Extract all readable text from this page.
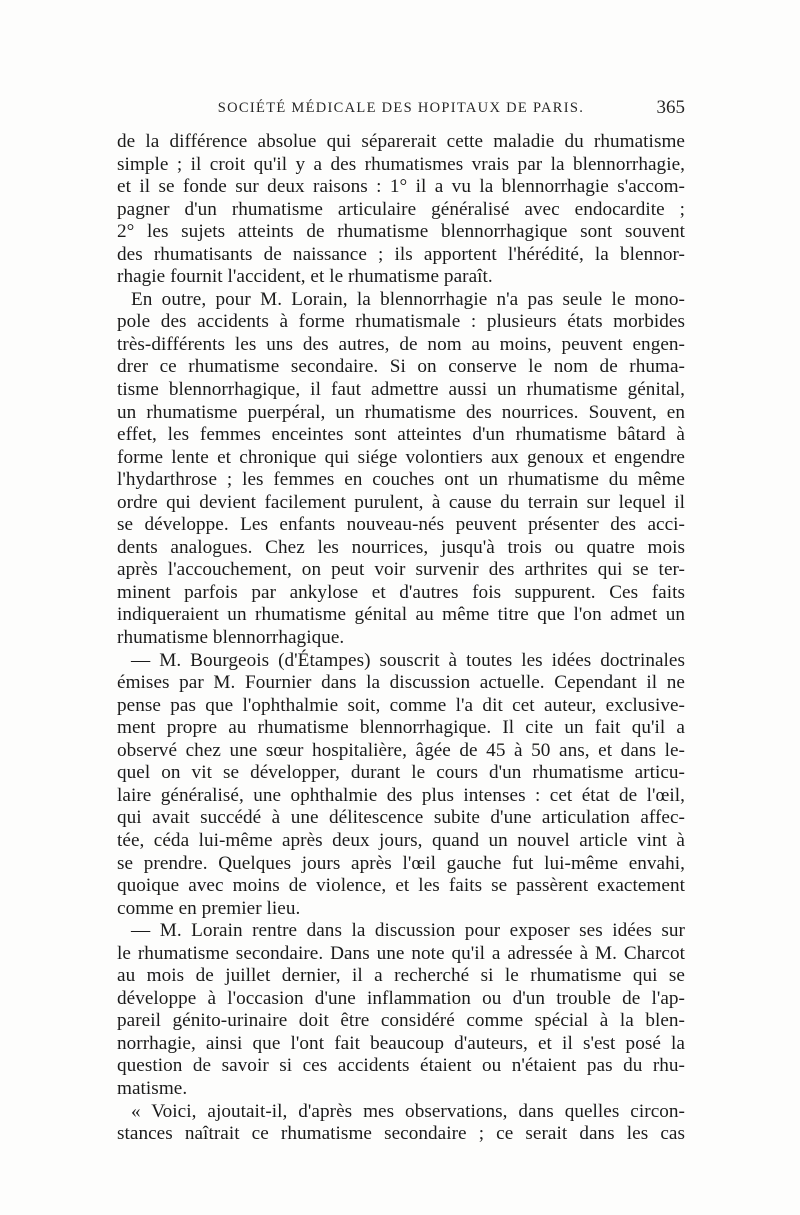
SOCIÉTÉ MÉDICALE DES HOPITAUX DE PARIS.	365
de la différence absolue qui séparerait cette maladie du rhumatisme
simple ; il croit qu'il y a des rhumatismes vrais par la blennorrhagie,
et il se fonde sur deux raisons : 1° il a vu la blennorrhagie s'accom-
pagner d'un rhumatisme articulaire généralisé avec endocardite ;
2° les sujets atteints de rhumatisme blennorrhagique sont souvent
des rhumatisants de naissance ; ils apportent l'hérédité, la blennor-
rhagie fournit l'accident, et le rhumatisme paraît.
En outre, pour M. Lorain, la blennorrhagie n'a pas seule le mono-
pole des accidents à forme rhumatismale : plusieurs états morbides
très-différents les uns des autres, de nom au moins, peuvent engen-
drer ce rhumatisme secondaire. Si on conserve le nom de rhuma-
tisme blennorrhagique, il faut admettre aussi un rhumatisme génital,
un rhumatisme puerpéral, un rhumatisme des nourrices. Souvent, en
effet, les femmes enceintes sont atteintes d'un rhumatisme bâtard à
forme lente et chronique qui siége volontiers aux genoux et engendre
l'hydarthrose ; les femmes en couches ont un rhumatisme du même
ordre qui devient facilement purulent, à cause du terrain sur lequel il
se développe. Les enfants nouveau-nés peuvent présenter des acci-
dents analogues. Chez les nourrices, jusqu'à trois ou quatre mois
après l'accouchement, on peut voir survenir des arthrites qui se ter-
minent parfois par ankylose et d'autres fois suppurent. Ces faits
indiqueraient un rhumatisme génital au même titre que l'on admet un
rhumatisme blennorrhagique.
— M. Bourgeois (d'Étampes) souscrit à toutes les idées doctrinales
émises par M. Fournier dans la discussion actuelle. Cependant il ne
pense pas que l'ophthalmie soit, comme l'a dit cet auteur, exclusive-
ment propre au rhumatisme blennorrhagique. Il cite un fait qu'il a
observé chez une sœur hospitalière, âgée de 45 à 50 ans, et dans le-
quel on vit se développer, durant le cours d'un rhumatisme articu-
laire généralisé, une ophthalmie des plus intenses : cet état de l'œil,
qui avait succédé à une délitescence subite d'une articulation affec-
tée, céda lui-même après deux jours, quand un nouvel article vint à
se prendre. Quelques jours après l'œil gauche fut lui-même envahi,
quoique avec moins de violence, et les faits se passèrent exactement
comme en premier lieu.
— M. Lorain rentre dans la discussion pour exposer ses idées sur
le rhumatisme secondaire. Dans une note qu'il a adressée à M. Charcot
au mois de juillet dernier, il a recherché si le rhumatisme qui se
développe à l'occasion d'une inflammation ou d'un trouble de l'ap-
pareil génito-urinaire doit être considéré comme spécial à la blen-
norrhagie, ainsi que l'ont fait beaucoup d'auteurs, et il s'est posé la
question de savoir si ces accidents étaient ou n'étaient pas du rhu-
matisme.
« Voici, ajoutait-il, d'après mes observations, dans quelles circon-
stances naîtrait ce rhumatisme secondaire ; ce serait dans les cas
